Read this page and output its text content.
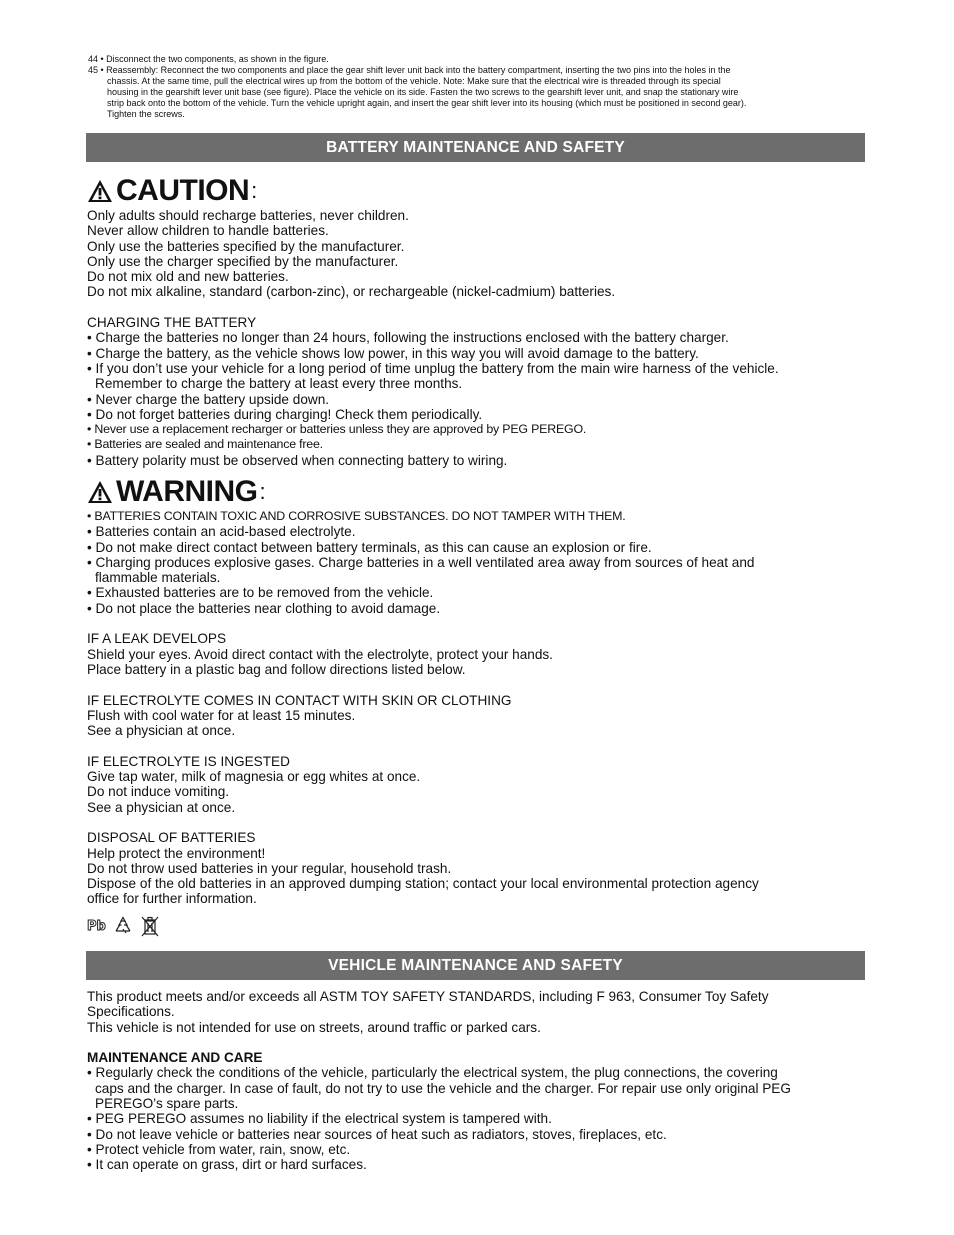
44 • Disconnect the two components, as shown in the figure.

45 • Reassembly: Reconnect the two components and place the gear shift lever unit back into the battery compartment, inserting the two pins into the holes in the

chassis. At the same time, pull the electrical wires up from the bottom of the vehicle. Note: Make sure that the electrical wire is threaded through its special

housing in the gearshift lever unit base (see figure). Place the vehicle on its side. Fasten the two screws to the gearshift lever unit, and snap the stationary wire

strip back onto the bottom of the vehicle. Turn the vehicle upright again, and insert the gear shift lever into its housing (which must be positioned in second gear).

Tighten the screws.

BATTERY MAINTENANCE AND SAFETY
CAUTION :

Only adults should recharge batteries, never children.

Never allow children to handle batteries.

Only use the batteries specified by the manufacturer.

Only use the charger specified by the manufacturer.

Do not mix old and new batteries.

Do not mix alkaline, standard (carbon-zinc), or rechargeable (nickel-cadmium) batteries.

CHARGING THE BATTERY

• Charge the batteries no longer than 24 hours, following the instructions enclosed with the battery charger.

• Charge the battery, as the vehicle shows low power, in this way you will avoid damage to the battery.

• If you don’t use your vehicle for a long period of time unplug the battery from the main wire harness of the vehicle.

Remember to charge the battery at least every three months.

• Never charge the battery upside down.

• Do not forget batteries during charging! Check them periodically.

• Never use a replacement recharger or batteries unless they are approved by PEG PEREGO.

• Batteries are sealed and maintenance free.

• Battery polarity must be observed when connecting battery to wiring.

WARNING :

• BATTERIES CONTAIN TOXIC AND CORROSIVE SUBSTANCES. DO NOT TAMPER WITH THEM.

• Batteries contain an acid-based electrolyte.

• Do not make direct contact between battery terminals, as this can cause an explosion or fire.

• Charging produces explosive gases. Charge batteries in a well ventilated area away from sources of heat and

flammable materials.

• Exhausted batteries are to be removed from the vehicle.

• Do not place the batteries near clothing to avoid damage.

IF A LEAK DEVELOPS

Shield your eyes. Avoid direct contact with the electrolyte, protect your hands.

Place battery in a plastic bag and follow directions listed below.

IF ELECTROLYTE COMES IN CONTACT WITH SKIN OR CLOTHING

Flush with cool water for at least 15 minutes.

See a physician at once.

IF ELECTROLYTE IS INGESTED

Give tap water, milk of magnesia or egg whites at once.

Do not induce vomiting.

See a physician at once.

DISPOSAL OF BATTERIES

Help protect the environment!

Do not throw used batteries in your regular, household trash.

Dispose of the old batteries in an approved dumping station; contact your local environmental protection agency

office for further information.

Pb
VEHICLE MAINTENANCE AND SAFETY

This product meets and/or exceeds all ASTM TOY SAFETY STANDARDS, including F 963, Consumer Toy Safety

Specifications.

This vehicle is not intended for use on streets, around traffic or parked cars.

MAINTENANCE AND CARE

• Regularly check the conditions of the vehicle, particularly the electrical system, the plug connections, the covering

caps and the charger. In case of fault, do not try to use the vehicle and the charger. For repair use only original PEG

PEREGO’s spare parts.

• PEG PEREGO assumes no liability if the electrical system is tampered with.

• Do not leave vehicle or batteries near sources of heat such as radiators, stoves, fireplaces, etc.

• Protect vehicle from water, rain, snow, etc.

• It can operate on grass, dirt or hard surfaces.
